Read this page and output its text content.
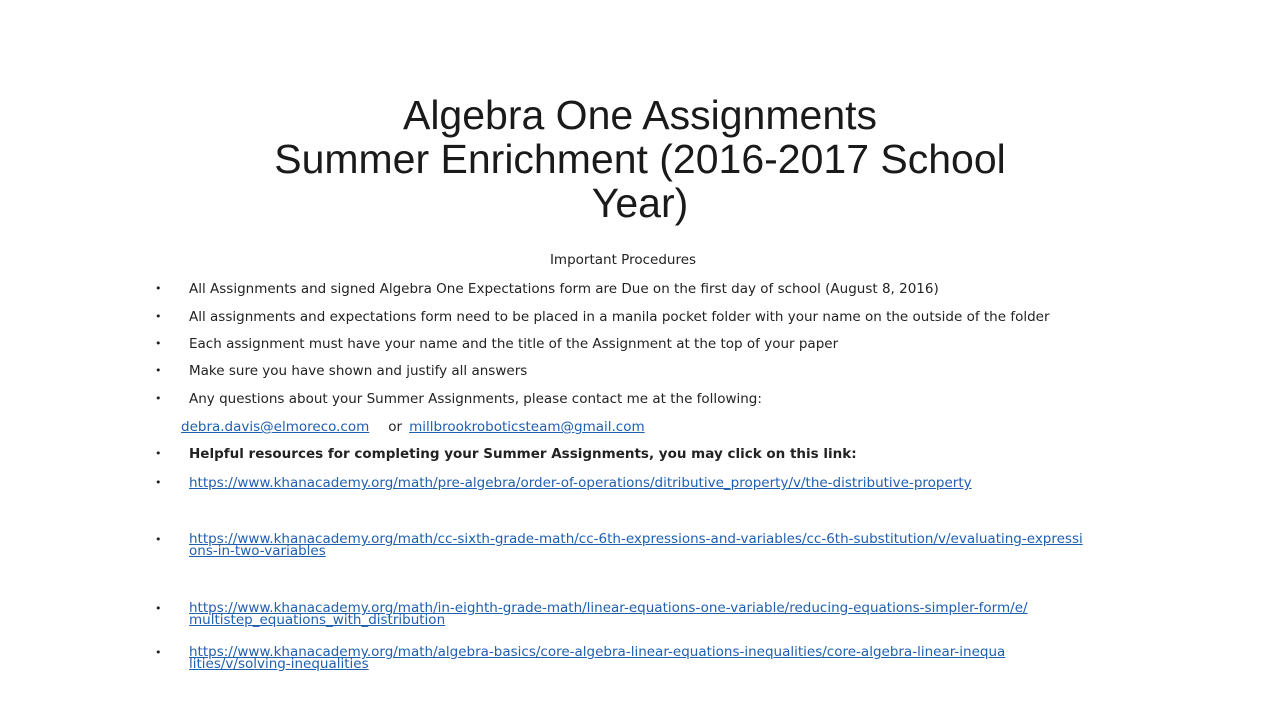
Algebra One Assignments
Summer Enrichment (2016-2017 School
Year)
Important Procedures
• All Assignments and signed Algebra One Expectations form are Due on the first day of school (August 8, 2016)
• All assignments and expectations form need to be placed in a manila pocket folder with your name on the outside of the folder
• Each assignment must have your name and the title of the Assignment at the top of your paper
• Make sure you have shown and justify all answers
• Any questions about your Summer Assignments, please contact me at the following:
debra.davis@elmoreco.com or millbrookroboticsteam@gmail.com
• Helpful resources for completing your Summer Assignments, you may click on this link:
• https://www.khanacademy.org/math/pre-algebra/order-of-operations/ditributive_property/v/the-distributive-property
• https://www.khanacademy.org/math/cc-sixth-grade-math/cc-6th-expressions-and-variables/cc-6th-substitution/v/evaluating-expressions-in-two-variables
• https://www.khanacademy.org/math/in-eighth-grade-math/linear-equations-one-variable/reducing-equations-simpler-form/e/multistep_equations_with_distribution
• https://www.khanacademy.org/math/algebra-basics/core-algebra-linear-equations-inequalities/core-algebra-linear-inequalities/v/solving-inequalities
